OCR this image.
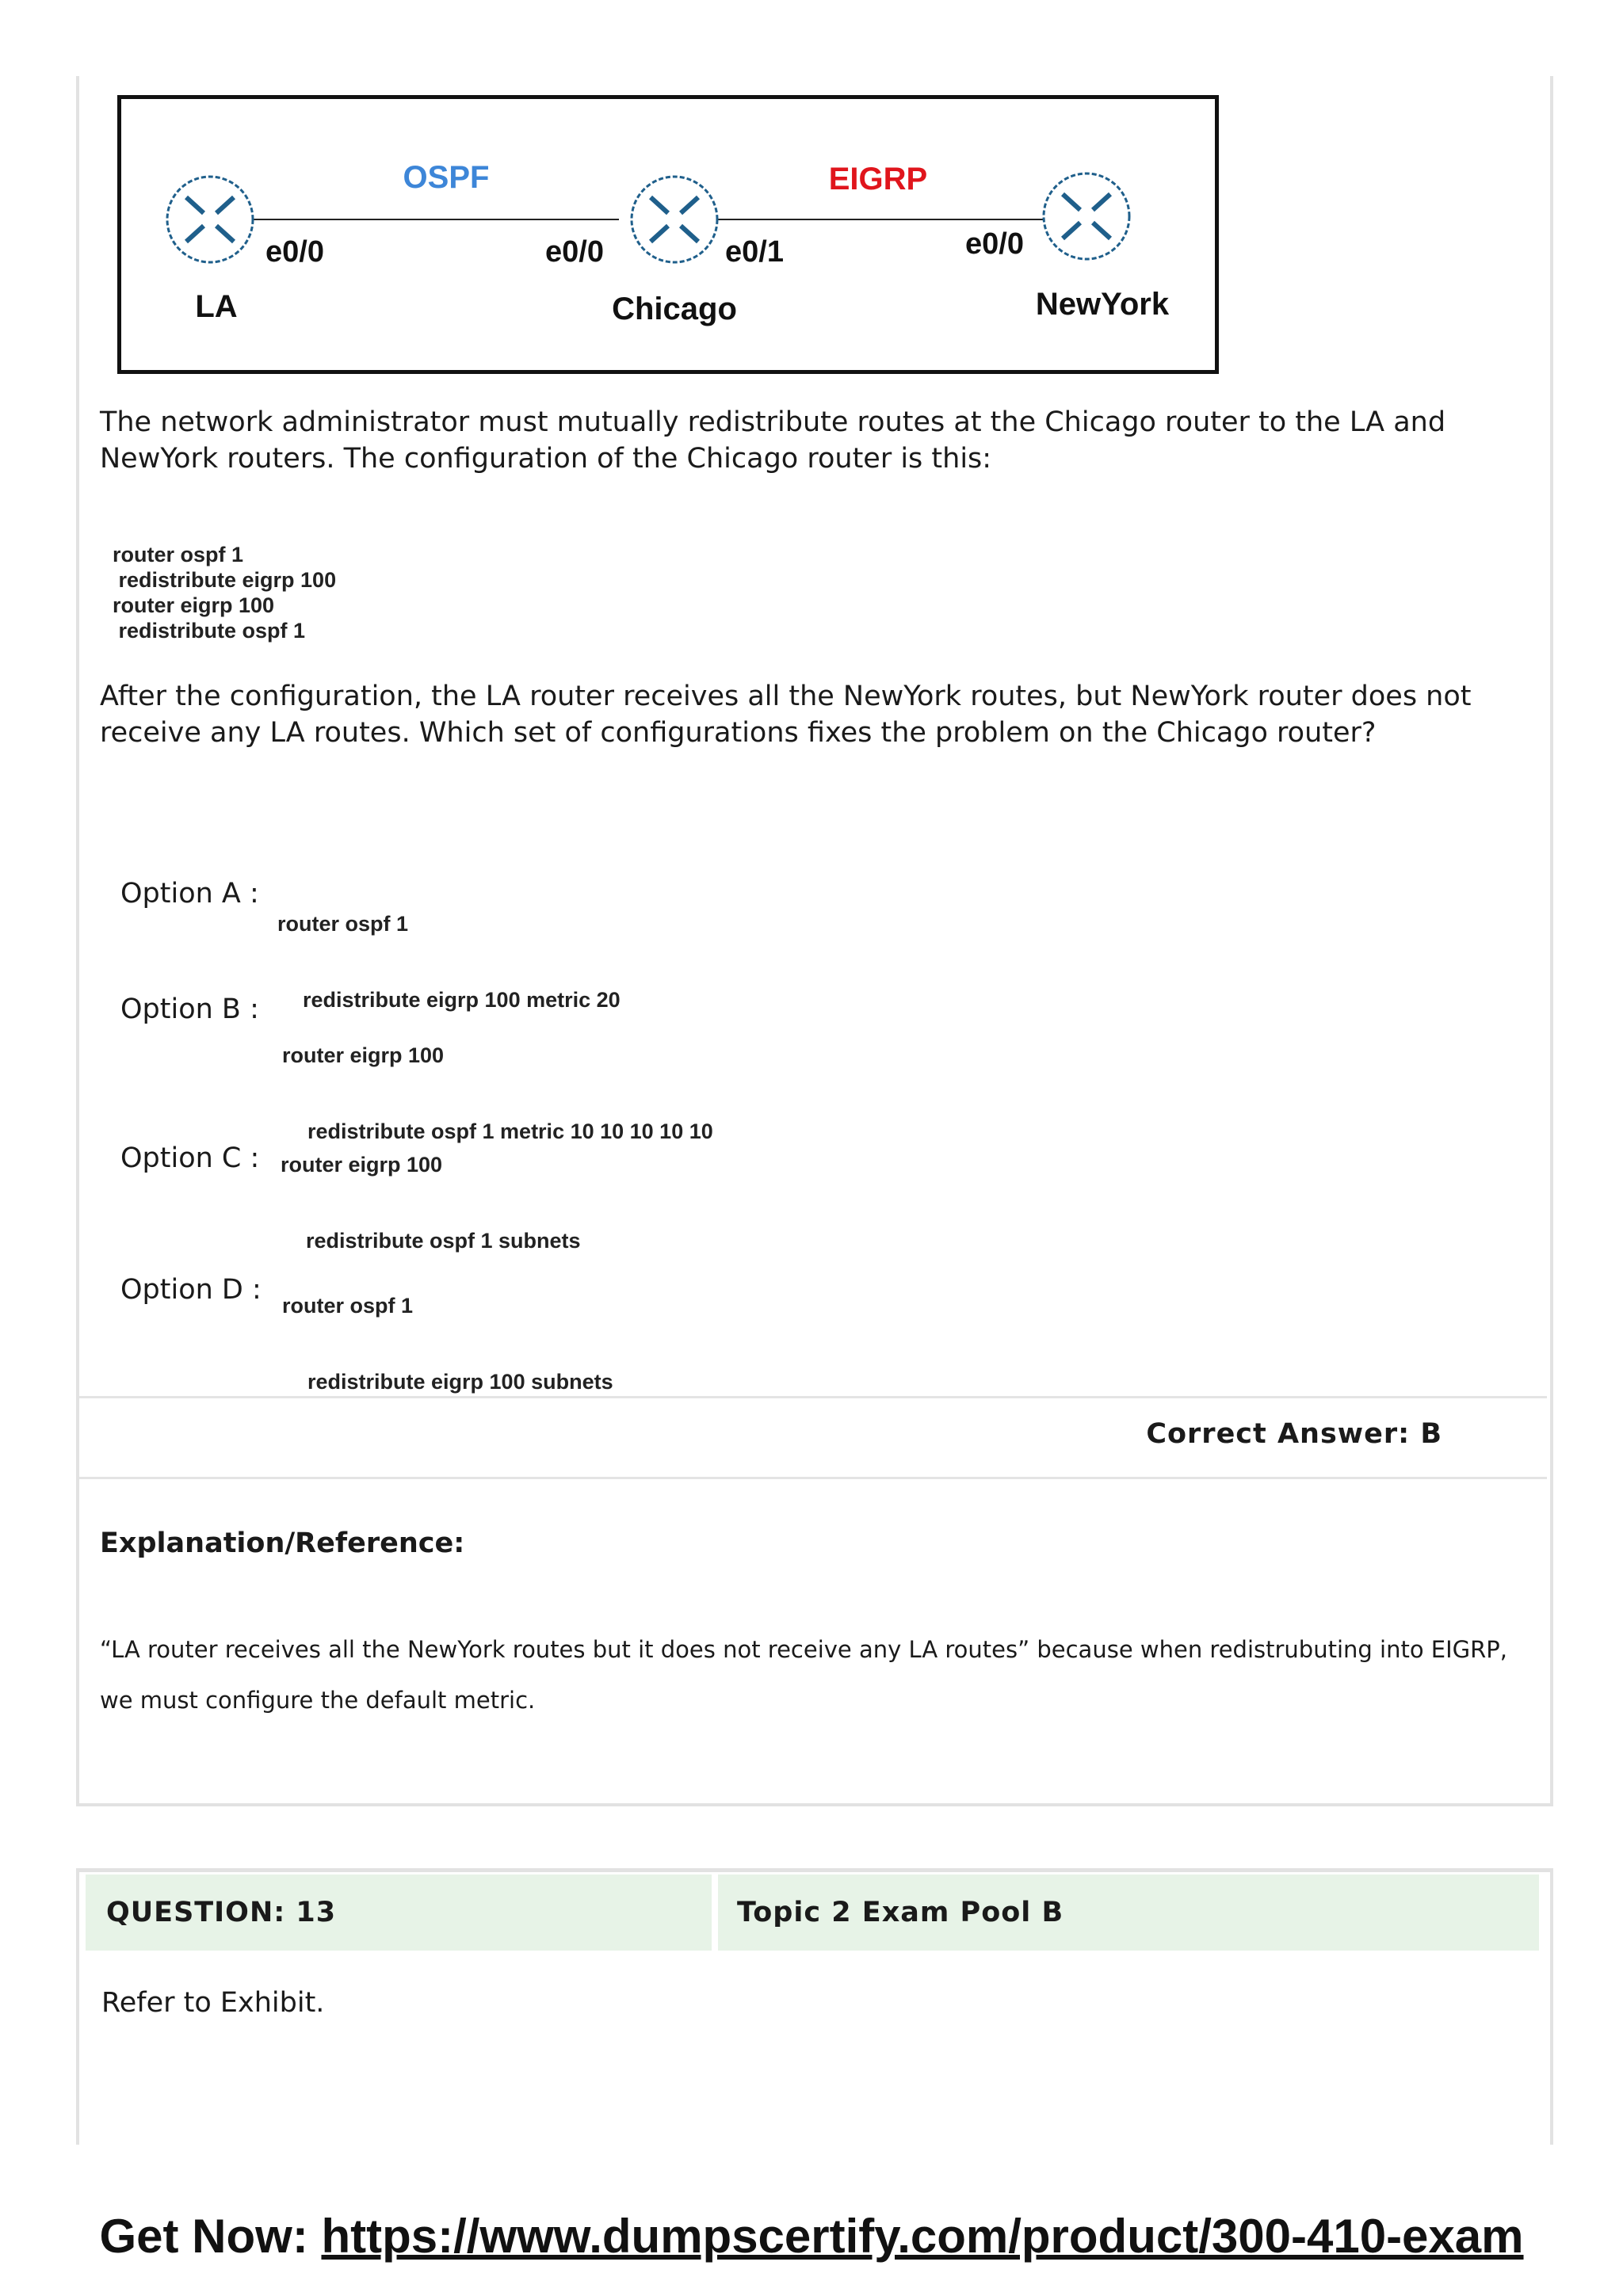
OSPF	EIGRP
e0/0	e0/0	e0/1	e0/0
LA	Chicago	NewYork
The network administrator must mutually redistribute routes at the Chicago router to the LA and NewYork routers. The configuration of the Chicago router is this:
router ospf 1
redistribute eigrp 100
router eigrp 100
redistribute ospf 1
After the configuration, the LA router receives all the NewYork routes, but NewYork router does not receive any LA routes. Which set of configurations fixes the problem on the Chicago router?
Option A :

router ospf 1

redistribute eigrp 100 metric 20

Option B :

router eigrp 100

redistribute ospf 1 metric 10 10 10 10 10

Option C :

router eigrp 100

redistribute ospf 1 subnets

Option D :

router ospf 1

redistribute eigrp 100 subnets

Correct Answer: B
Explanation/Reference:
“LA router receives all the NewYork routes but it does not receive any LA routes” because when redistrubuting into EIGRP, we must configure the default metric.
QUESTION: 13	Topic 2 Exam Pool B
Refer to Exhibit.
Get Now: https://www.dumpscertify.com/product/300-410-exam
